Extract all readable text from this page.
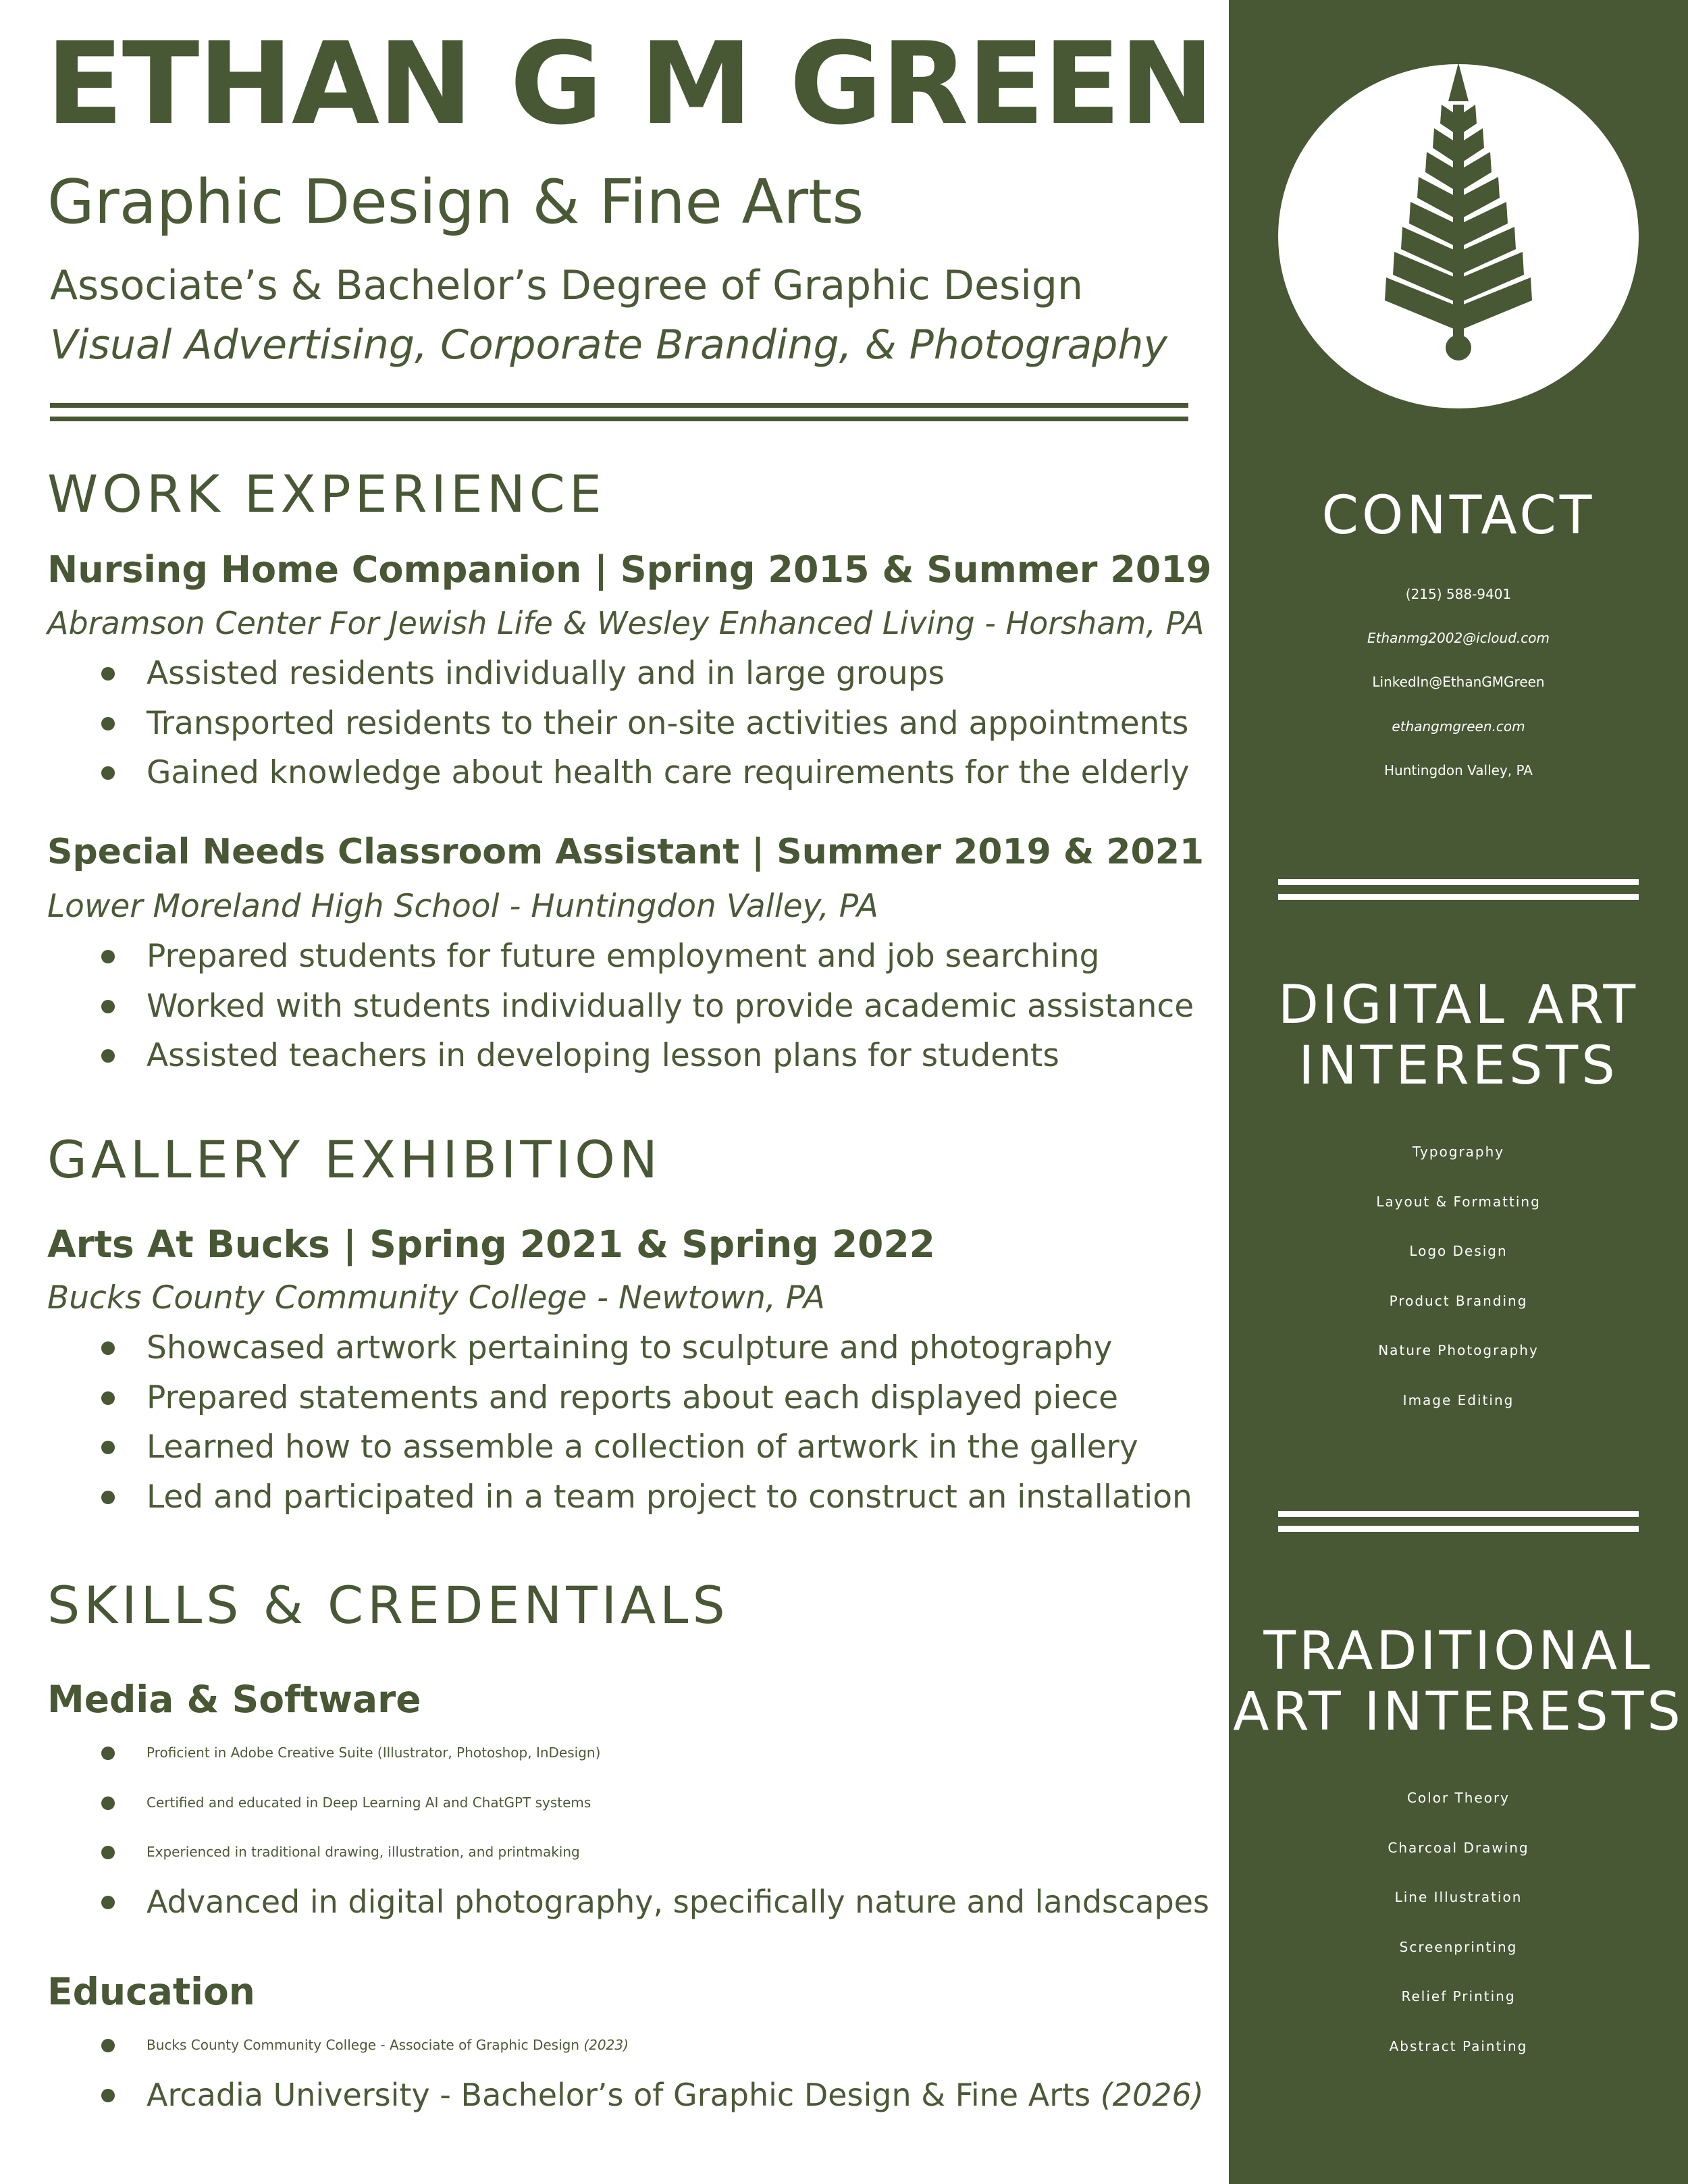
ETHAN G M GREEN

Graphic Design & Fine Arts

Associate’s & Bachelor’s Degree of Graphic Design

Visual Advertising, Corporate Branding, & Photography

WORK EXPERIENCE

Nursing Home Companion | Spring 2015 & Summer 2019

Abramson Center For Jewish Life & Wesley Enhanced Living - Horsham, PA

Assisted residents individually and in large groups
Transported residents to their on-site activities and appointments
Gained knowledge about health care requirements for the elderly

Special Needs Classroom Assistant | Summer 2019 & 2021

Lower Moreland High School - Huntingdon Valley, PA

Prepared students for future employment and job searching
Worked with students individually to provide academic assistance
Assisted teachers in developing lesson plans for students
GALLERY EXHIBITION

Arts At Bucks | Spring 2021 & Spring 2022

Bucks County Community College - Newtown, PA

Showcased artwork pertaining to sculpture and photography
Prepared statements and reports about each displayed piece
Learned how to assemble a collection of artwork in the gallery
Led and participated in a team project to construct an installation
SKILLS & CREDENTIALS

Media & Software

Proficient in Adobe Creative Suite (Illustrator, Photoshop, InDesign)
Certified and educated in Deep Learning AI and ChatGPT systems
Experienced in traditional drawing, illustration, and printmaking
Advanced in digital photography, specifically nature and landscapes

Education

Bucks County Community College - Associate of Graphic Design (2023)
Arcadia University - Bachelor’s of Graphic Design & Fine Arts (2026)
CONTACT

(215) 588-9401

Ethanmg2002@icloud.com

LinkedIn@EthanGMGreen

ethangmgreen.com

Huntingdon Valley, PA

DIGITAL ART
INTERESTS
Typography
Layout & Formatting
Logo Design
Product Branding
Nature Photography
Image Editing
TRADITIONAL
ART INTERESTS
Color Theory
Charcoal Drawing
Line Illustration
Screenprinting
Relief Printing
Abstract Painting
